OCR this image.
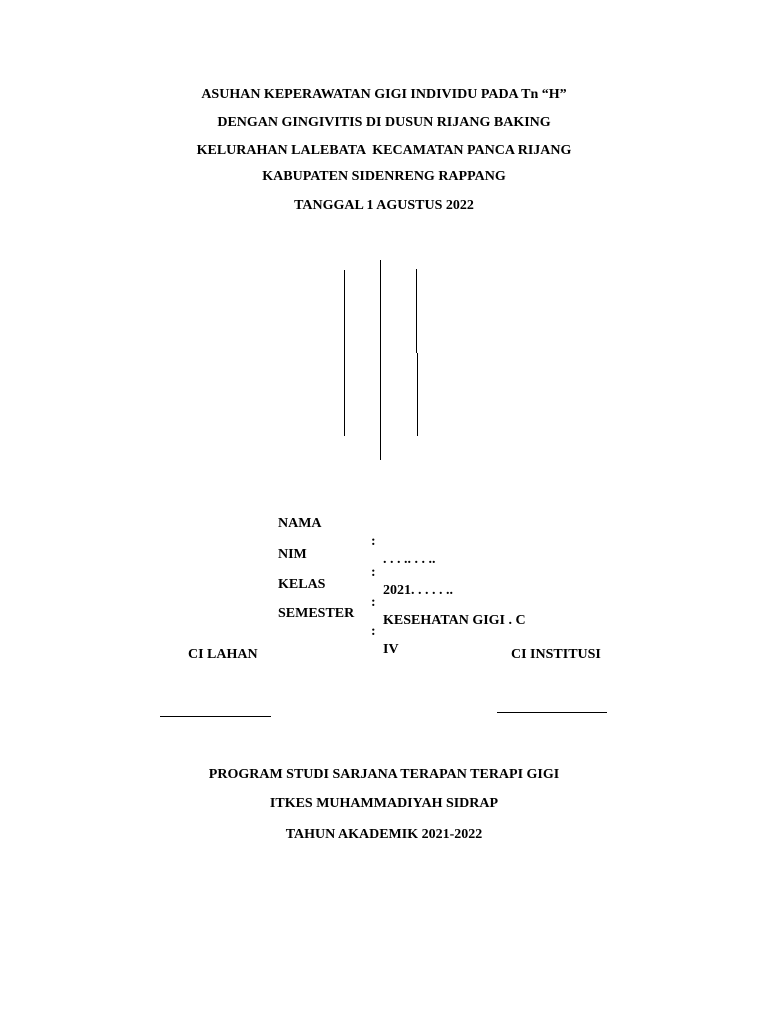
ASUHAN KEPERAWATAN GIGI INDIVIDU PADA Tn “H”
DENGAN GINGIVITIS DI DUSUN RIJANG BAKING
KELURAHAN LALEBATA  KECAMATAN PANCA RIJANG
KABUPATEN SIDENRENG RAPPANG
TANGGAL 1 AGUSTUS 2022

NAMA

:

. . . .. . . ..

NIM

:

2021. . . . . ..

KELAS

:

KESEHATAN GIGI . C

SEMESTER

:

IV

CI LAHAN	CI INSTITUSI
PROGRAM STUDI SARJANA TERAPAN TERAPI GIGI
ITKES MUHAMMADIYAH SIDRAP
TAHUN AKADEMIK 2021-2022
